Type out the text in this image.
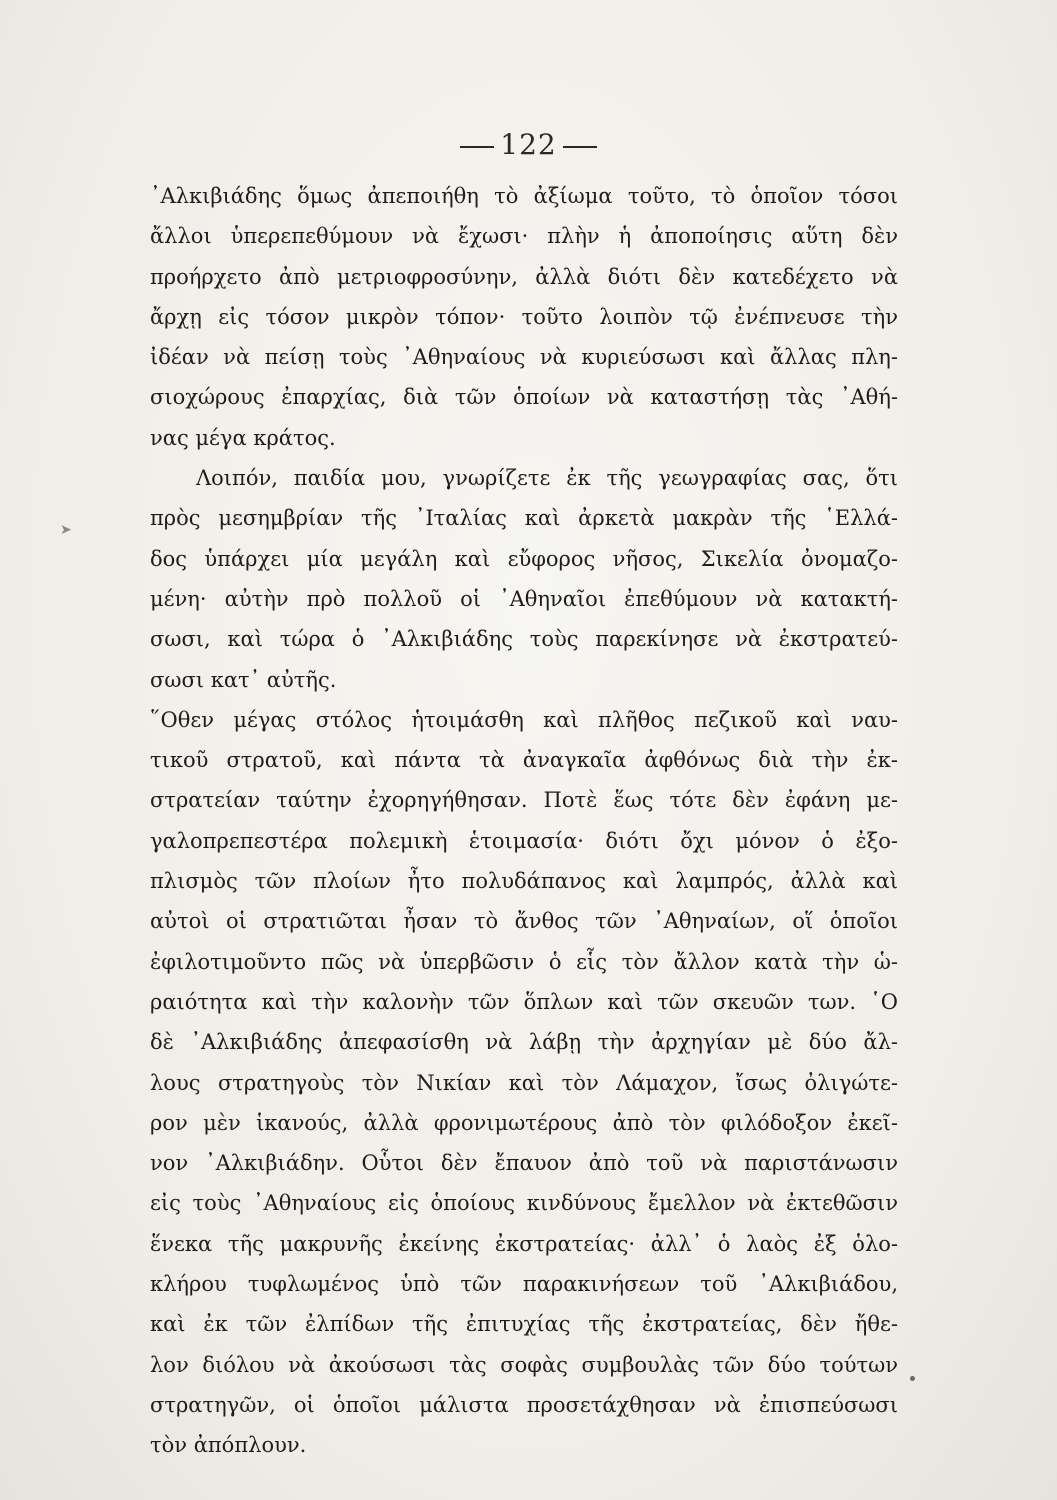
122
᾿Αλκιβιάδης ὅμως ἀπεποιήθη τὸ ἀξίωμα τοῦτο, τὸ ὁποῖον τόσοι
ἄλλοι ὑπερεπεθύμουν νὰ ἔχωσι· πλὴν ἡ ἀποποίησις αὕτη δὲν
προήρχετο ἀπὸ μετριοφροσύνην, ἀλλὰ διότι δὲν κατεδέχετο νὰ
ἄρχῃ εἰς τόσον μικρὸν τόπον· τοῦτο λοιπὸν τῷ ἐνέπνευσε τὴν
ἰδέαν νὰ πείσῃ τοὺς ᾿Αθηναίους νὰ κυριεύσωσι καὶ ἄλλας πλη-
σιοχώρους ἐπαρχίας, διὰ τῶν ὁποίων νὰ καταστήσῃ τὰς ᾿Αθή-
νας μέγα κράτος.
Λοιπόν, παιδία μου, γνωρίζετε ἐκ τῆς γεωγραφίας σας, ὅτι
πρὸς μεσημβρίαν τῆς ᾿Ιταλίας καὶ ἀρκετὰ μακρὰν τῆς ῾Ελλά-
δος ὑπάρχει μία μεγάλη καὶ εὔφορος νῆσος, Σικελία ὀνομαζο-
μένη· αὐτὴν πρὸ πολλοῦ οἱ ᾿Αθηναῖοι ἐπεθύμουν νὰ κατακτή-
σωσι, καὶ τώρα ὁ ᾿Αλκιβιάδης τοὺς παρεκίνησε νὰ ἐκστρατεύ-
σωσι κατ᾿ αὐτῆς.
῞Οθεν μέγας στόλος ἡτοιμάσθη καὶ πλῆθος πεζικοῦ καὶ ναυ-
τικοῦ στρατοῦ, καὶ πάντα τὰ ἀναγκαῖα ἀφθόνως διὰ τὴν ἐκ-
στρατείαν ταύτην ἐχορηγήθησαν. Ποτὲ ἕως τότε δὲν ἐφάνη με-
γαλοπρεπεστέρα πολεμικὴ ἑτοιμασία· διότι ὄχι μόνον ὁ ἐξο-
πλισμὸς τῶν πλοίων ἦτο πολυδάπανος καὶ λαμπρός, ἀλλὰ καὶ
αὐτοὶ οἱ στρατιῶται ἦσαν τὸ ἄνθος τῶν ᾿Αθηναίων, οἵ ὁποῖοι
ἐφιλοτιμοῦντο πῶς νὰ ὑπερβῶσιν ὁ εἷς τὸν ἄλλον κατὰ τὴν ὡ-
ραιότητα καὶ τὴν καλονὴν τῶν ὅπλων καὶ τῶν σκευῶν των. ῾Ο
δὲ ᾿Αλκιβιάδης ἀπεφασίσθη νὰ λάβῃ τὴν ἀρχηγίαν μὲ δύο ἄλ-
λους στρατηγοὺς τὸν Νικίαν καὶ τὸν Λάμαχον, ἴσως ὀλιγώτε-
ρον μὲν ἱκανούς, ἀλλὰ φρονιμωτέρους ἀπὸ τὸν φιλόδοξον ἐκεῖ-
νον ᾿Αλκιβιάδην. Οὗτοι δὲν ἔπαυον ἀπὸ τοῦ νὰ παριστάνωσιν
εἰς τοὺς ᾿Αθηναίους εἰς ὁποίους κινδύνους ἔμελλον νὰ ἐκτεθῶσιν
ἕνεκα τῆς μακρυνῆς ἐκείνης ἐκστρατείας· ἀλλ᾿ ὁ λαὸς ἐξ ὁλο-
κλήρου τυφλωμένος ὑπὸ τῶν παρακινήσεων τοῦ ᾿Αλκιβιάδου,
καὶ ἐκ τῶν ἐλπίδων τῆς ἐπιτυχίας τῆς ἐκστρατείας, δὲν ἤθε-
λον διόλου νὰ ἀκούσωσι τὰς σοφὰς συμβουλὰς τῶν δύο τούτων
στρατηγῶν, οἱ ὁποῖοι μάλιστα προσετάχθησαν νὰ ἐπισπεύσωσι
τὸν ἀπόπλουν.
➤
